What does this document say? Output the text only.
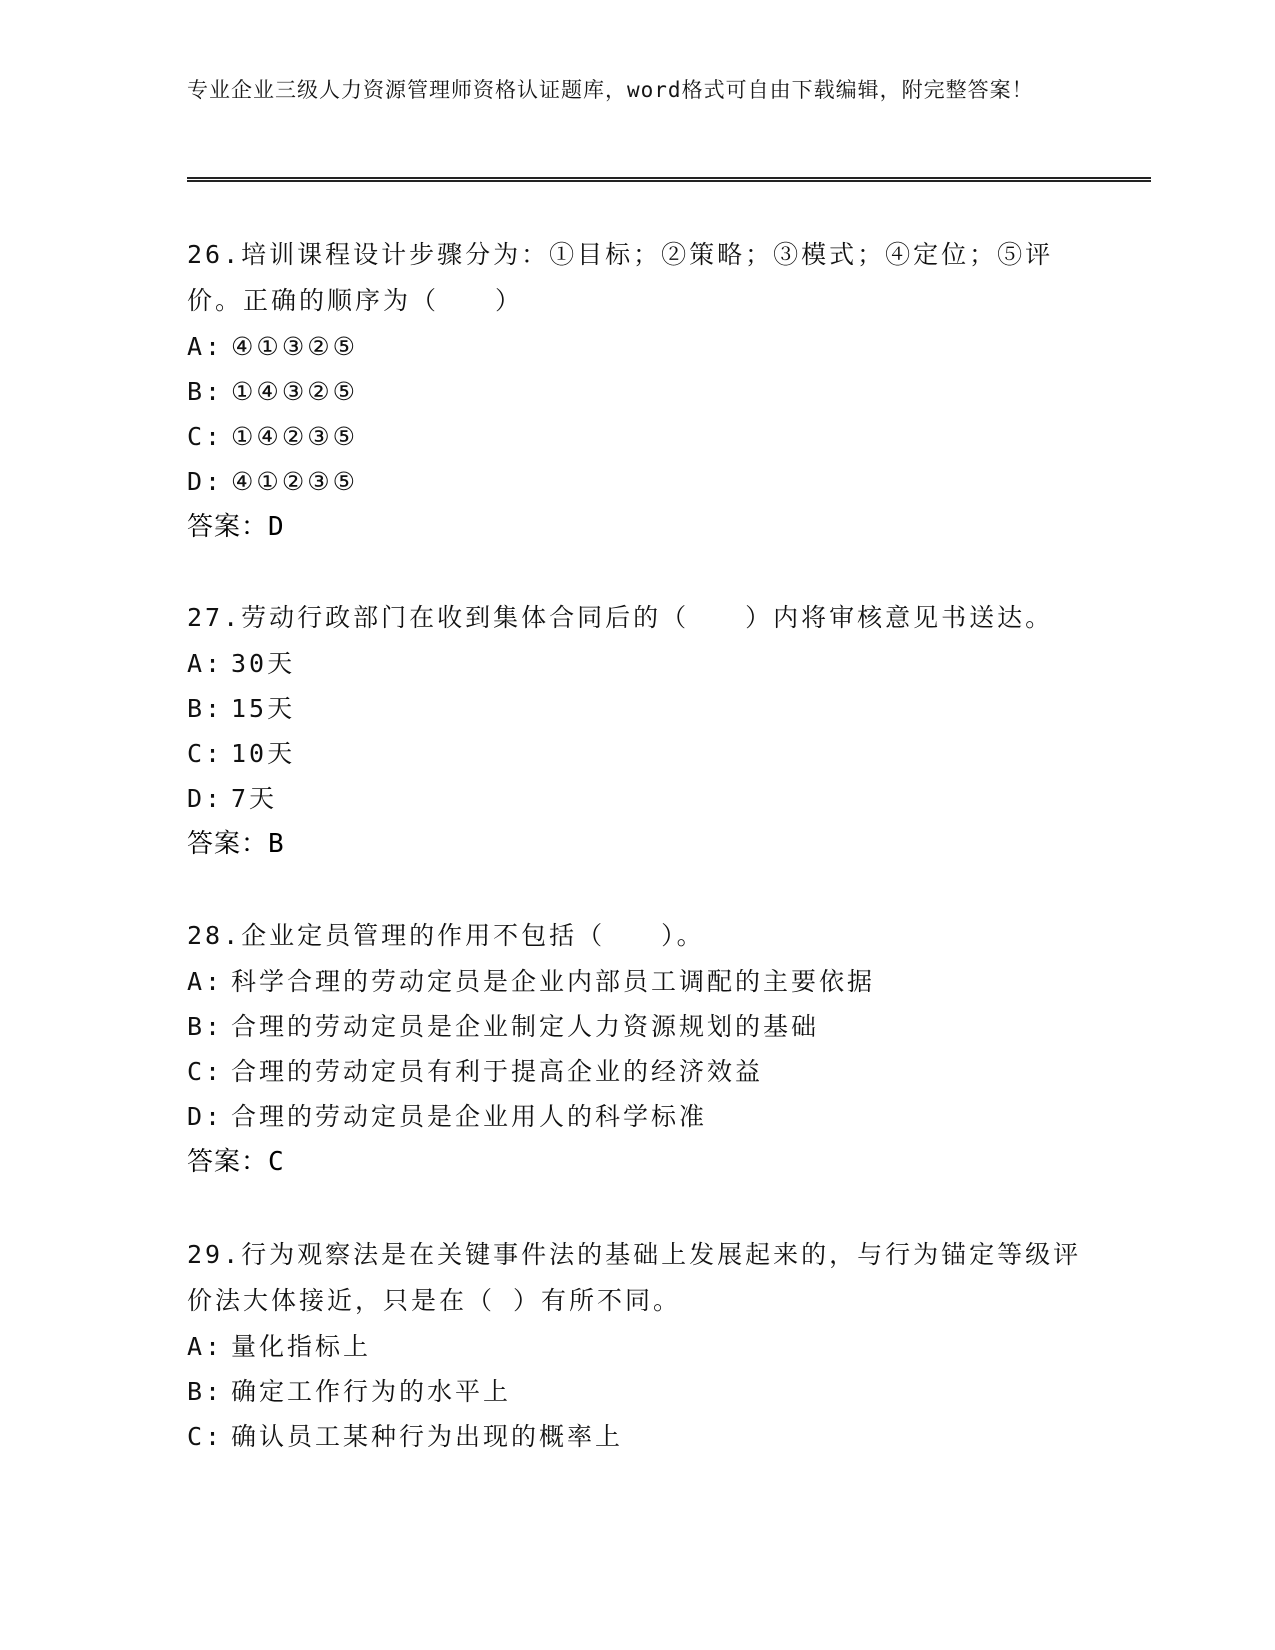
专业企业三级人力资源管理师资格认证题库，word格式可自由下载编辑，附完整答案！
26.培训课程设计步骤分为：①目标；②策略；③模式；④定位；⑤评价。正确的顺序为（　　）
A: ④①③②⑤
B: ①④③②⑤
C: ①④②③⑤
D: ④①②③⑤
答案：D
27.劳动行政部门在收到集体合同后的（　　）内将审核意见书送达。
A: 30天
B: 15天
C: 10天
D: 7天
答案：B
28.企业定员管理的作用不包括（　　）。
A: 科学合理的劳动定员是企业内部员工调配的主要依据
B: 合理的劳动定员是企业制定人力资源规划的基础
C: 合理的劳动定员有利于提高企业的经济效益
D: 合理的劳动定员是企业用人的科学标准
答案：C
29.行为观察法是在关键事件法的基础上发展起来的，与行为锚定等级评价法大体接近，只是在（ ）有所不同。
A: 量化指标上
B: 确定工作行为的水平上
C: 确认员工某种行为出现的概率上
